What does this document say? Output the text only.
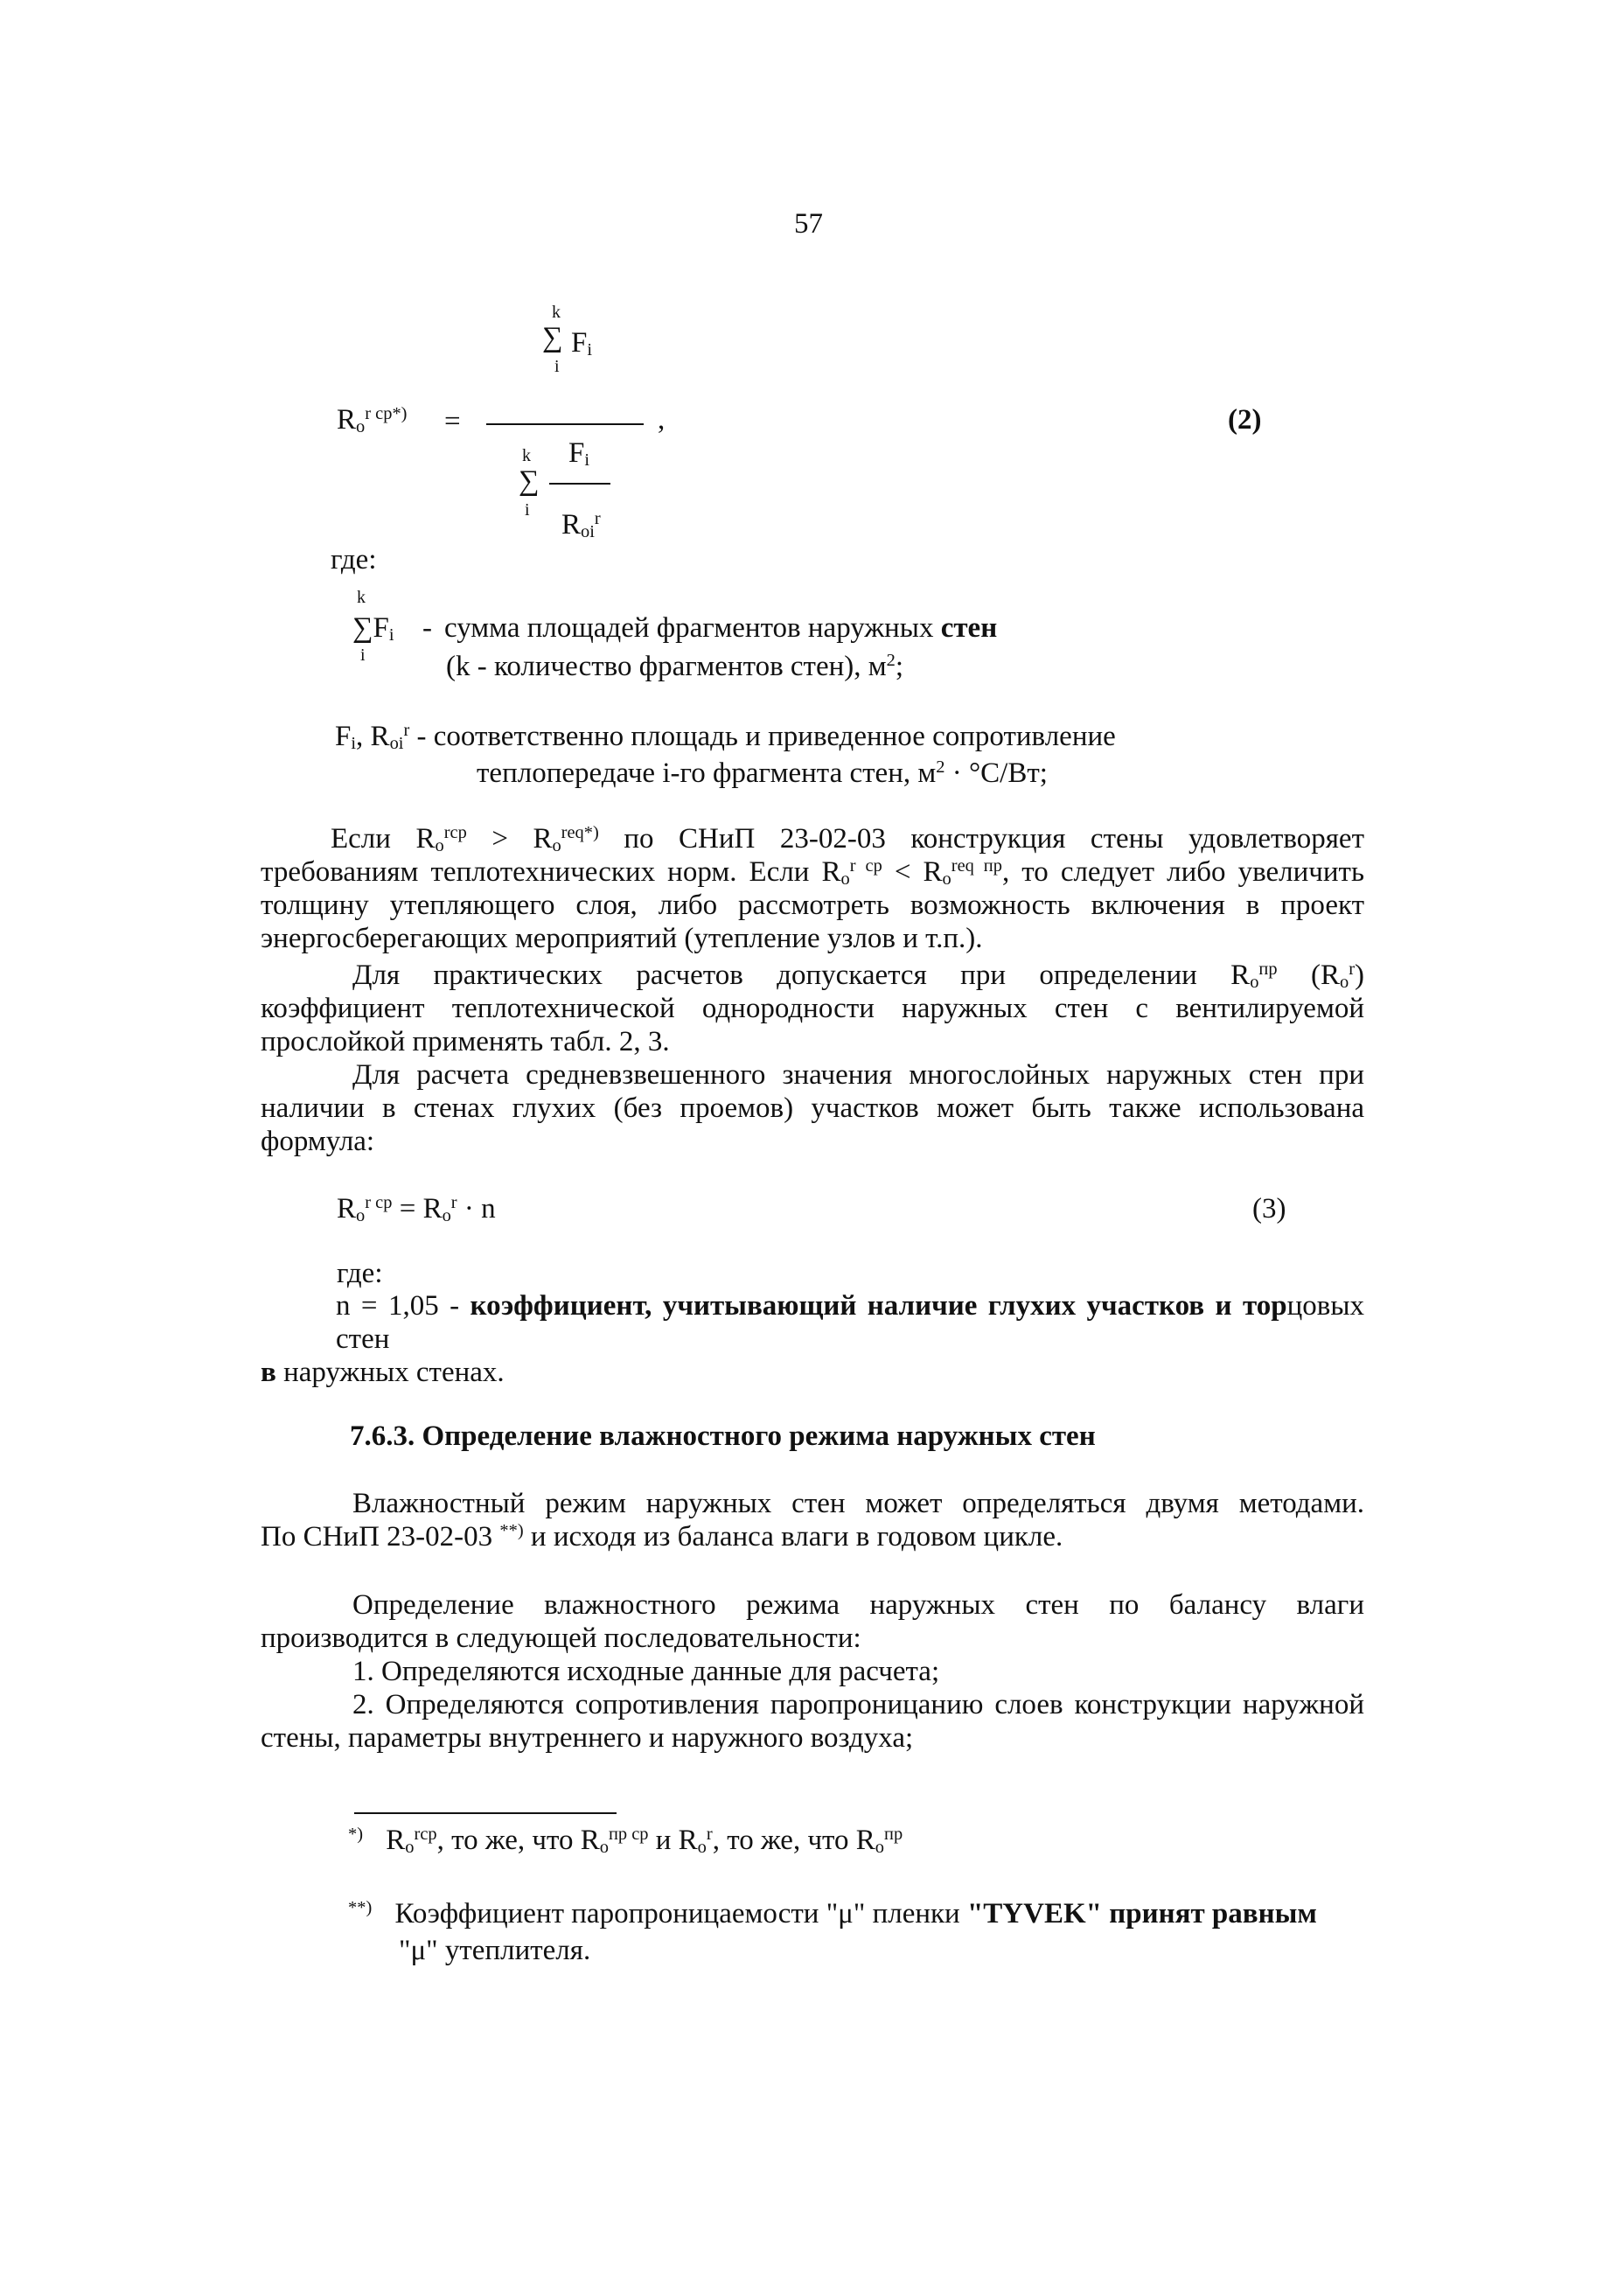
57
$R_o^{r ср*)}$ =
k
∑ $F_i$
i
,
k
∑
i
$F_i$
$R_{oi}^r$
(2)
где:
k
$\sum F_i$
i
- сумма площадей фрагментов наружных стен
(k - количество фрагментов стен), $м^2$;
$F_i$, $R_{oi}^r$ - соответственно площадь и приведенное сопротивление
теплопередаче i-го фрагмента стен, $м^2 \cdot ^\circ С/Вт$;
Если $R_o^{rср} > R_o^{req*)}$ по СНиП 23-02-03 конструкция стены удовлетворяет
требованиям теплотехнических норм. Если $R_o^{r ср} < R_o^{req пр}$, то следует либо увеличить
толщину утепляющего слоя, либо рассмотреть возможность включения в проект
энергосберегающих мероприятий (утепление узлов и т.п.).
Для практических расчетов допускается при определении $R_o^{пр}$ $(R_o^r)$
коэффициент теплотехнической однородности наружных стен с вентилируемой
прослойкой применять табл. 2, 3.
Для расчета средневзвешенного значения многослойных наружных стен при
наличии в стенах глухих (без проемов) участков может быть также использована
формула:
$R_o^{r ср} = R_o^r \cdot n$	(3)
где:
n = 1,05 - коэффициент, учитывающий наличие глухих участков и торцовых стен
в наружных стенах.
7.6.3. Определение влажностного режима наружных стен
Влажностный режим наружных стен может определяться двумя методами.
По СНиП 23-02-03 **) и исходя из баланса влаги в годовом цикле.
Определение влажностного режима наружных стен по балансу влаги
производится в следующей последовательности:
1. Определяются исходные данные для расчета;
2. Определяются сопротивления паропроницанию слоев конструкции наружной
стены, параметры внутреннего и наружного воздуха;
*) $R_o^{rср}$, то же, что $R_o^{пр ср}$ и $R_o^r$, то же, что $R_o^{пр}$
**) Коэффициент паропроницаемости "μ" пленки "TYVEK" принят равным
"μ" утеплителя.
